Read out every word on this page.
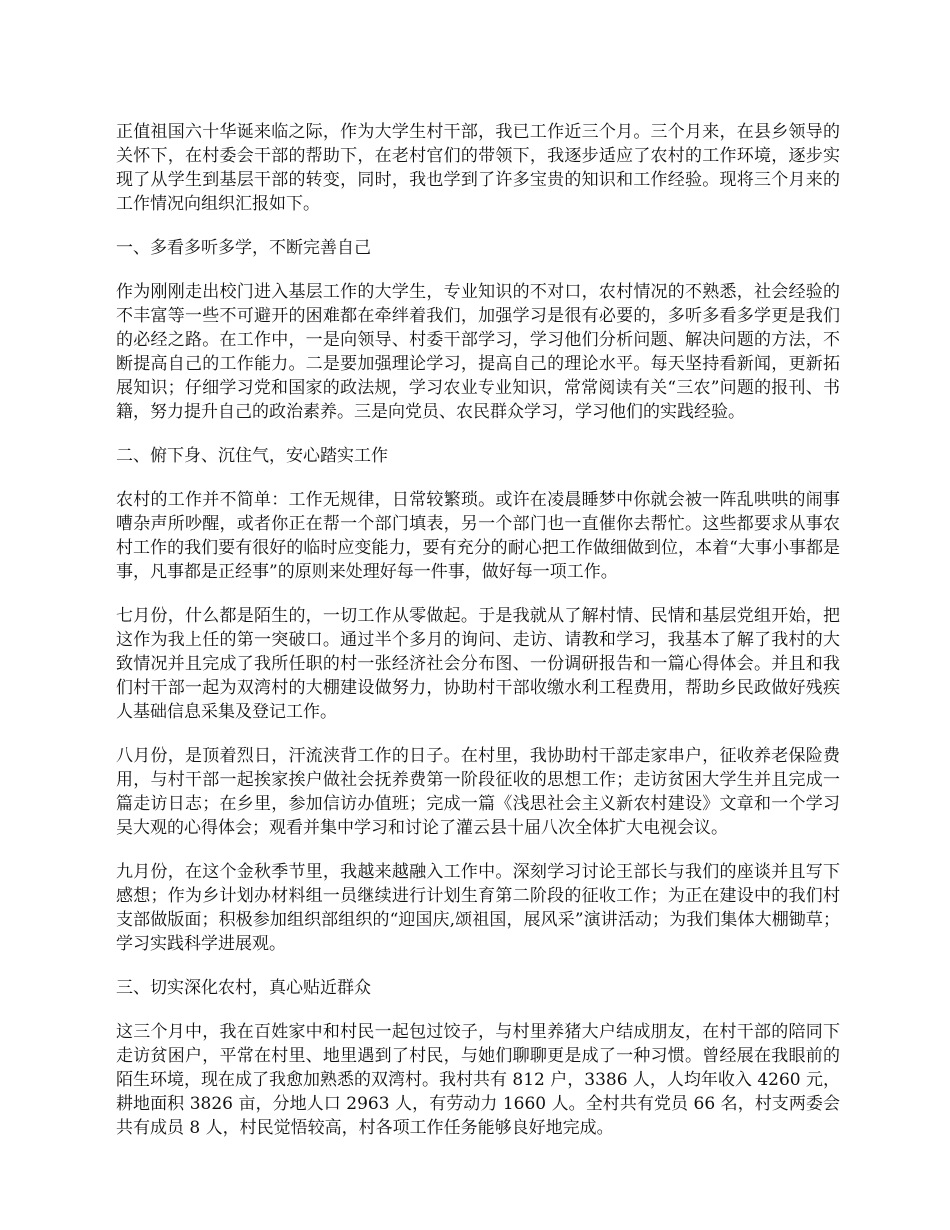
正值祖国六十华诞来临之际，作为大学生村干部，我已工作近三个月。三个月来，在县乡领导的关怀下，在村委会干部的帮助下，在老村官们的带领下，我逐步适应了农村的工作环境，逐步实现了从学生到基层干部的转变，同时，我也学到了许多宝贵的知识和工作经验。现将三个月来的工作情况向组织汇报如下。

一、多看多听多学，不断完善自己

作为刚刚走出校门进入基层工作的大学生，专业知识的不对口，农村情况的不熟悉，社会经验的不丰富等一些不可避开的困难都在牵绊着我们，加强学习是很有必要的，多听多看多学更是我们的必经之路。在工作中，一是向领导、村委干部学习，学习他们分析问题、解决问题的方法，不断提高自己的工作能力。二是要加强理论学习，提高自己的理论水平。每天坚持看新闻，更新拓展知识；仔细学习党和国家的政法规，学习农业专业知识，常常阅读有关“三农”问题的报刊、书籍，努力提升自己的政治素养。三是向党员、农民群众学习，学习他们的实践经验。

二、俯下身、沉住气，安心踏实工作

农村的工作并不简单：工作无规律，日常较繁琐。或许在凌晨睡梦中你就会被一阵乱哄哄的闹事嘈杂声所吵醒，或者你正在帮一个部门填表，另一个部门也一直催你去帮忙。这些都要求从事农村工作的我们要有很好的临时应变能力，要有充分的耐心把工作做细做到位，本着“大事小事都是事，凡事都是正经事”的原则来处理好每一件事，做好每一项工作。

七月份，什么都是陌生的，一切工作从零做起。于是我就从了解村情、民情和基层党组开始，把这作为我上任的第一突破口。通过半个多月的询问、走访、请教和学习，我基本了解了我村的大致情况并且完成了我所任职的村一张经济社会分布图、一份调研报告和一篇心得体会。并且和我们村干部一起为双湾村的大棚建设做努力，协助村干部收缴水利工程费用，帮助乡民政做好残疾人基础信息采集及登记工作。

八月份，是顶着烈日，汗流浃背工作的日子。在村里，我协助村干部走家串户，征收养老保险费用，与村干部一起挨家挨户做社会抚养费第一阶段征收的思想工作；走访贫困大学生并且完成一篇走访日志；在乡里，参加信访办值班；完成一篇《浅思社会主义新农村建设》文章和一个学习吴大观的心得体会；观看并集中学习和讨论了灌云县十届八次全体扩大电视会议。

九月份，在这个金秋季节里，我越来越融入工作中。深刻学习讨论王部长与我们的座谈并且写下感想；作为乡计划办材料组一员继续进行计划生育第二阶段的征收工作；为正在建设中的我们村支部做版面；积极参加组织部组织的“迎国庆,颂祖国，展风采”演讲活动；为我们集体大棚锄草；学习实践科学进展观。

三、切实深化农村，真心贴近群众

这三个月中，我在百姓家中和村民一起包过饺子，与村里养猪大户结成朋友，在村干部的陪同下走访贫困户，平常在村里、地里遇到了村民，与她们聊聊更是成了一种习惯。曾经展在我眼前的陌生环境，现在成了我愈加熟悉的双湾村。我村共有 812 户，3386 人，人均年收入 4260 元，耕地面积 3826 亩，分地人口 2963 人，有劳动力 1660 人。全村共有党员 66 名，村支两委会共有成员 8 人，村民觉悟较高，村各项工作任务能够良好地完成。
